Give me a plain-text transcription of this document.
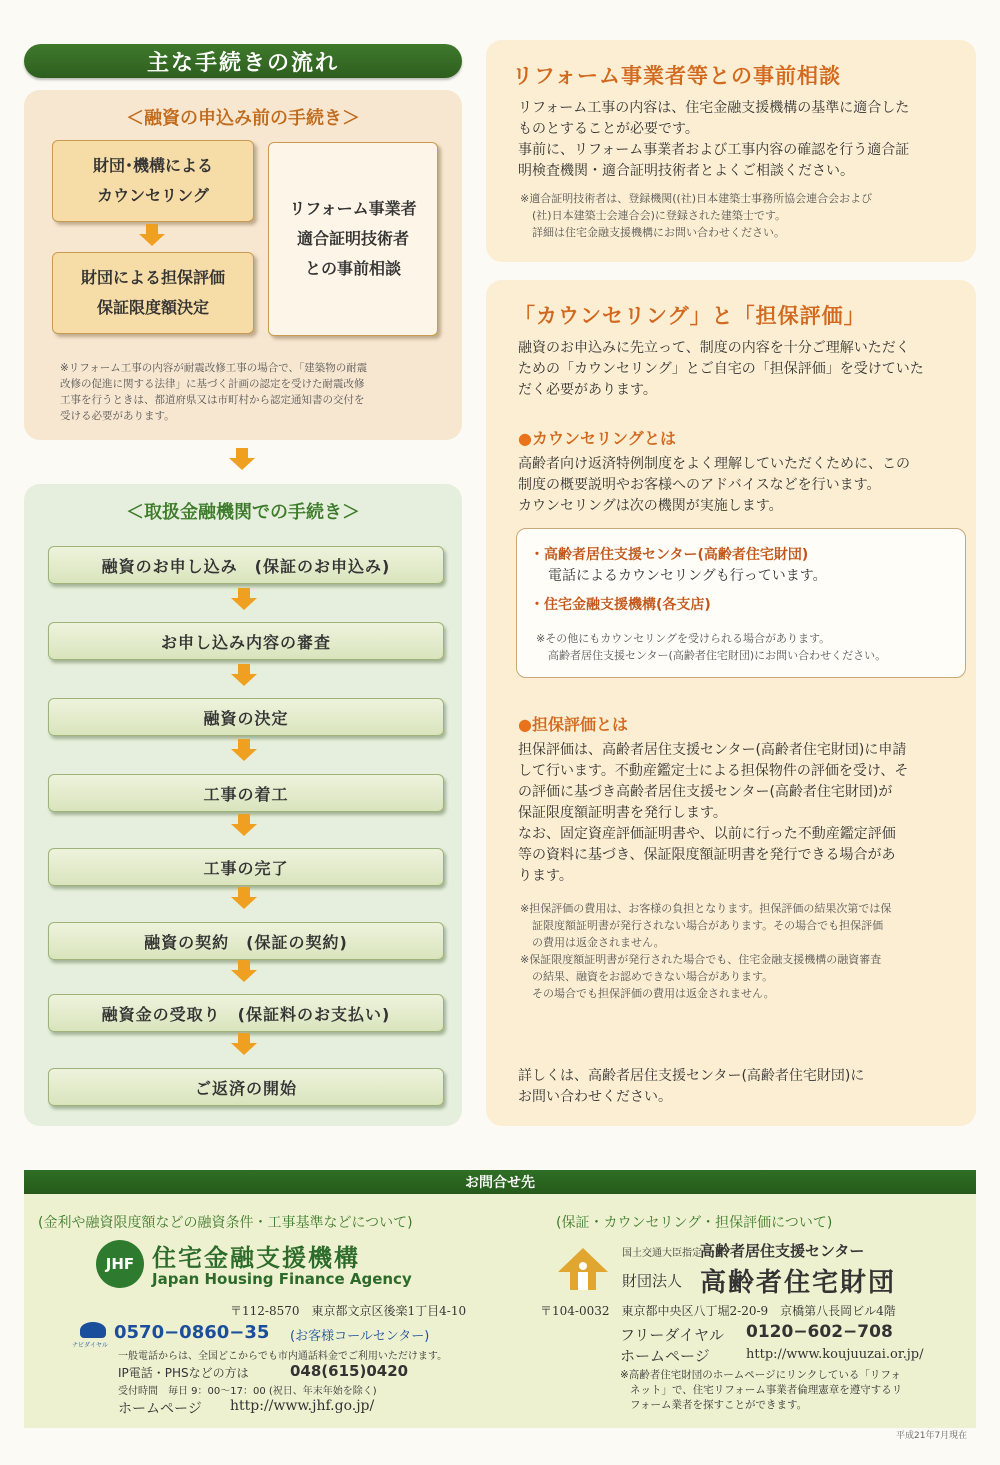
主な手続きの流れ
＜融資の申込み前の手続き＞
財団･機構による
カウンセリング
財団による担保評価
保証限度額決定
リフォーム事業者
適合証明技術者
との事前相談
※リフォーム工事の内容が耐震改修工事の場合で、「建築物の耐震
改修の促進に関する法律」に基づく計画の認定を受けた耐震改修
工事を行うときは、都道府県又は市町村から認定通知書の交付を
受ける必要があります。
＜取扱金融機関での手続き＞
融資のお申し込み　(保証のお申込み)
お申し込み内容の審査
融資の決定
工事の着工
工事の完了
融資の契約　(保証の契約)
融資金の受取り　(保証料のお支払い)
ご返済の開始
リフォーム事業者等との事前相談
リフォーム工事の内容は、住宅金融支援機構の基準に適合した
ものとすることが必要です。
事前に、リフォーム事業者および工事内容の確認を行う適合証
明検査機関・適合証明技術者とよくご相談ください。
※適合証明技術者は、登録機関((社)日本建築士事務所協会連合会および
(社)日本建築士会連合会)に登録された建築士です。
詳細は住宅金融支援機構にお問い合わせください。
「カウンセリング」と「担保評価」
融資のお申込みに先立って、制度の内容を十分ご理解いただく
ための「カウンセリング」とご自宅の「担保評価」を受けていた
だく必要があります。
●カウンセリングとは
高齢者向け返済特例制度をよく理解していただくために、この
制度の概要説明やお客様へのアドバイスなどを行います。
カウンセリングは次の機関が実施します。
・高齢者居住支援センター(高齢者住宅財団)
電話によるカウンセリングも行っています。
・住宅金融支援機構(各支店)
※その他にもカウンセリングを受けられる場合があります。
高齢者居住支援センター(高齢者住宅財団)にお問い合わせください。
●担保評価とは
担保評価は、高齢者居住支援センター(高齢者住宅財団)に申請
して行います。不動産鑑定士による担保物件の評価を受け、そ
の評価に基づき高齢者居住支援センター(高齢者住宅財団)が
保証限度額証明書を発行します。
なお、固定資産評価証明書や、以前に行った不動産鑑定評価
等の資料に基づき、保証限度額証明書を発行できる場合があ
ります。
※担保評価の費用は、お客様の負担となります。担保評価の結果次第では保
証限度額証明書が発行されない場合があります。その場合でも担保評価
の費用は返金されません。
※保証限度額証明書が発行された場合でも、住宅金融支援機構の融資審査
の結果、融資をお認めできない場合があります。
その場合でも担保評価の費用は返金されません。
詳しくは、高齢者居住支援センター(高齢者住宅財団)に
お問い合わせください。
お問合せ先
(金利や融資限度額などの融資条件・工事基準などについて)
JHF 住宅金融支援機構
Japan Housing Finance Agency
〒112-8570　東京都文京区後楽1丁目4-10
ナビダイヤル
0570−0860−35 (お客様コールセンター)
一般電話からは、全国どこからでも市内通話料金でご利用いただけます。
IP電話・PHSなどの方は	048(615)0420
受付時間　毎日 9：00〜17：00 (祝日、年末年始を除く)
ホームページ http://www.jhf.go.jp/
(保証・カウンセリング・担保評価について)
国土交通大臣指定
高齢者居住支援センター
財団法人 高齢者住宅財団
〒104-0032　東京都中央区八丁堀2-20-9　京橋第八長岡ビル4階
フリーダイヤル 0120−602−708
ホームページ	http://www.koujuuzai.or.jp/
※高齢者住宅財団のホームページにリンクしている「リフォ
ネット」で、住宅リフォーム事業者倫理憲章を遵守するリ
フォーム業者を探すことができます。
平成21年7月現在
